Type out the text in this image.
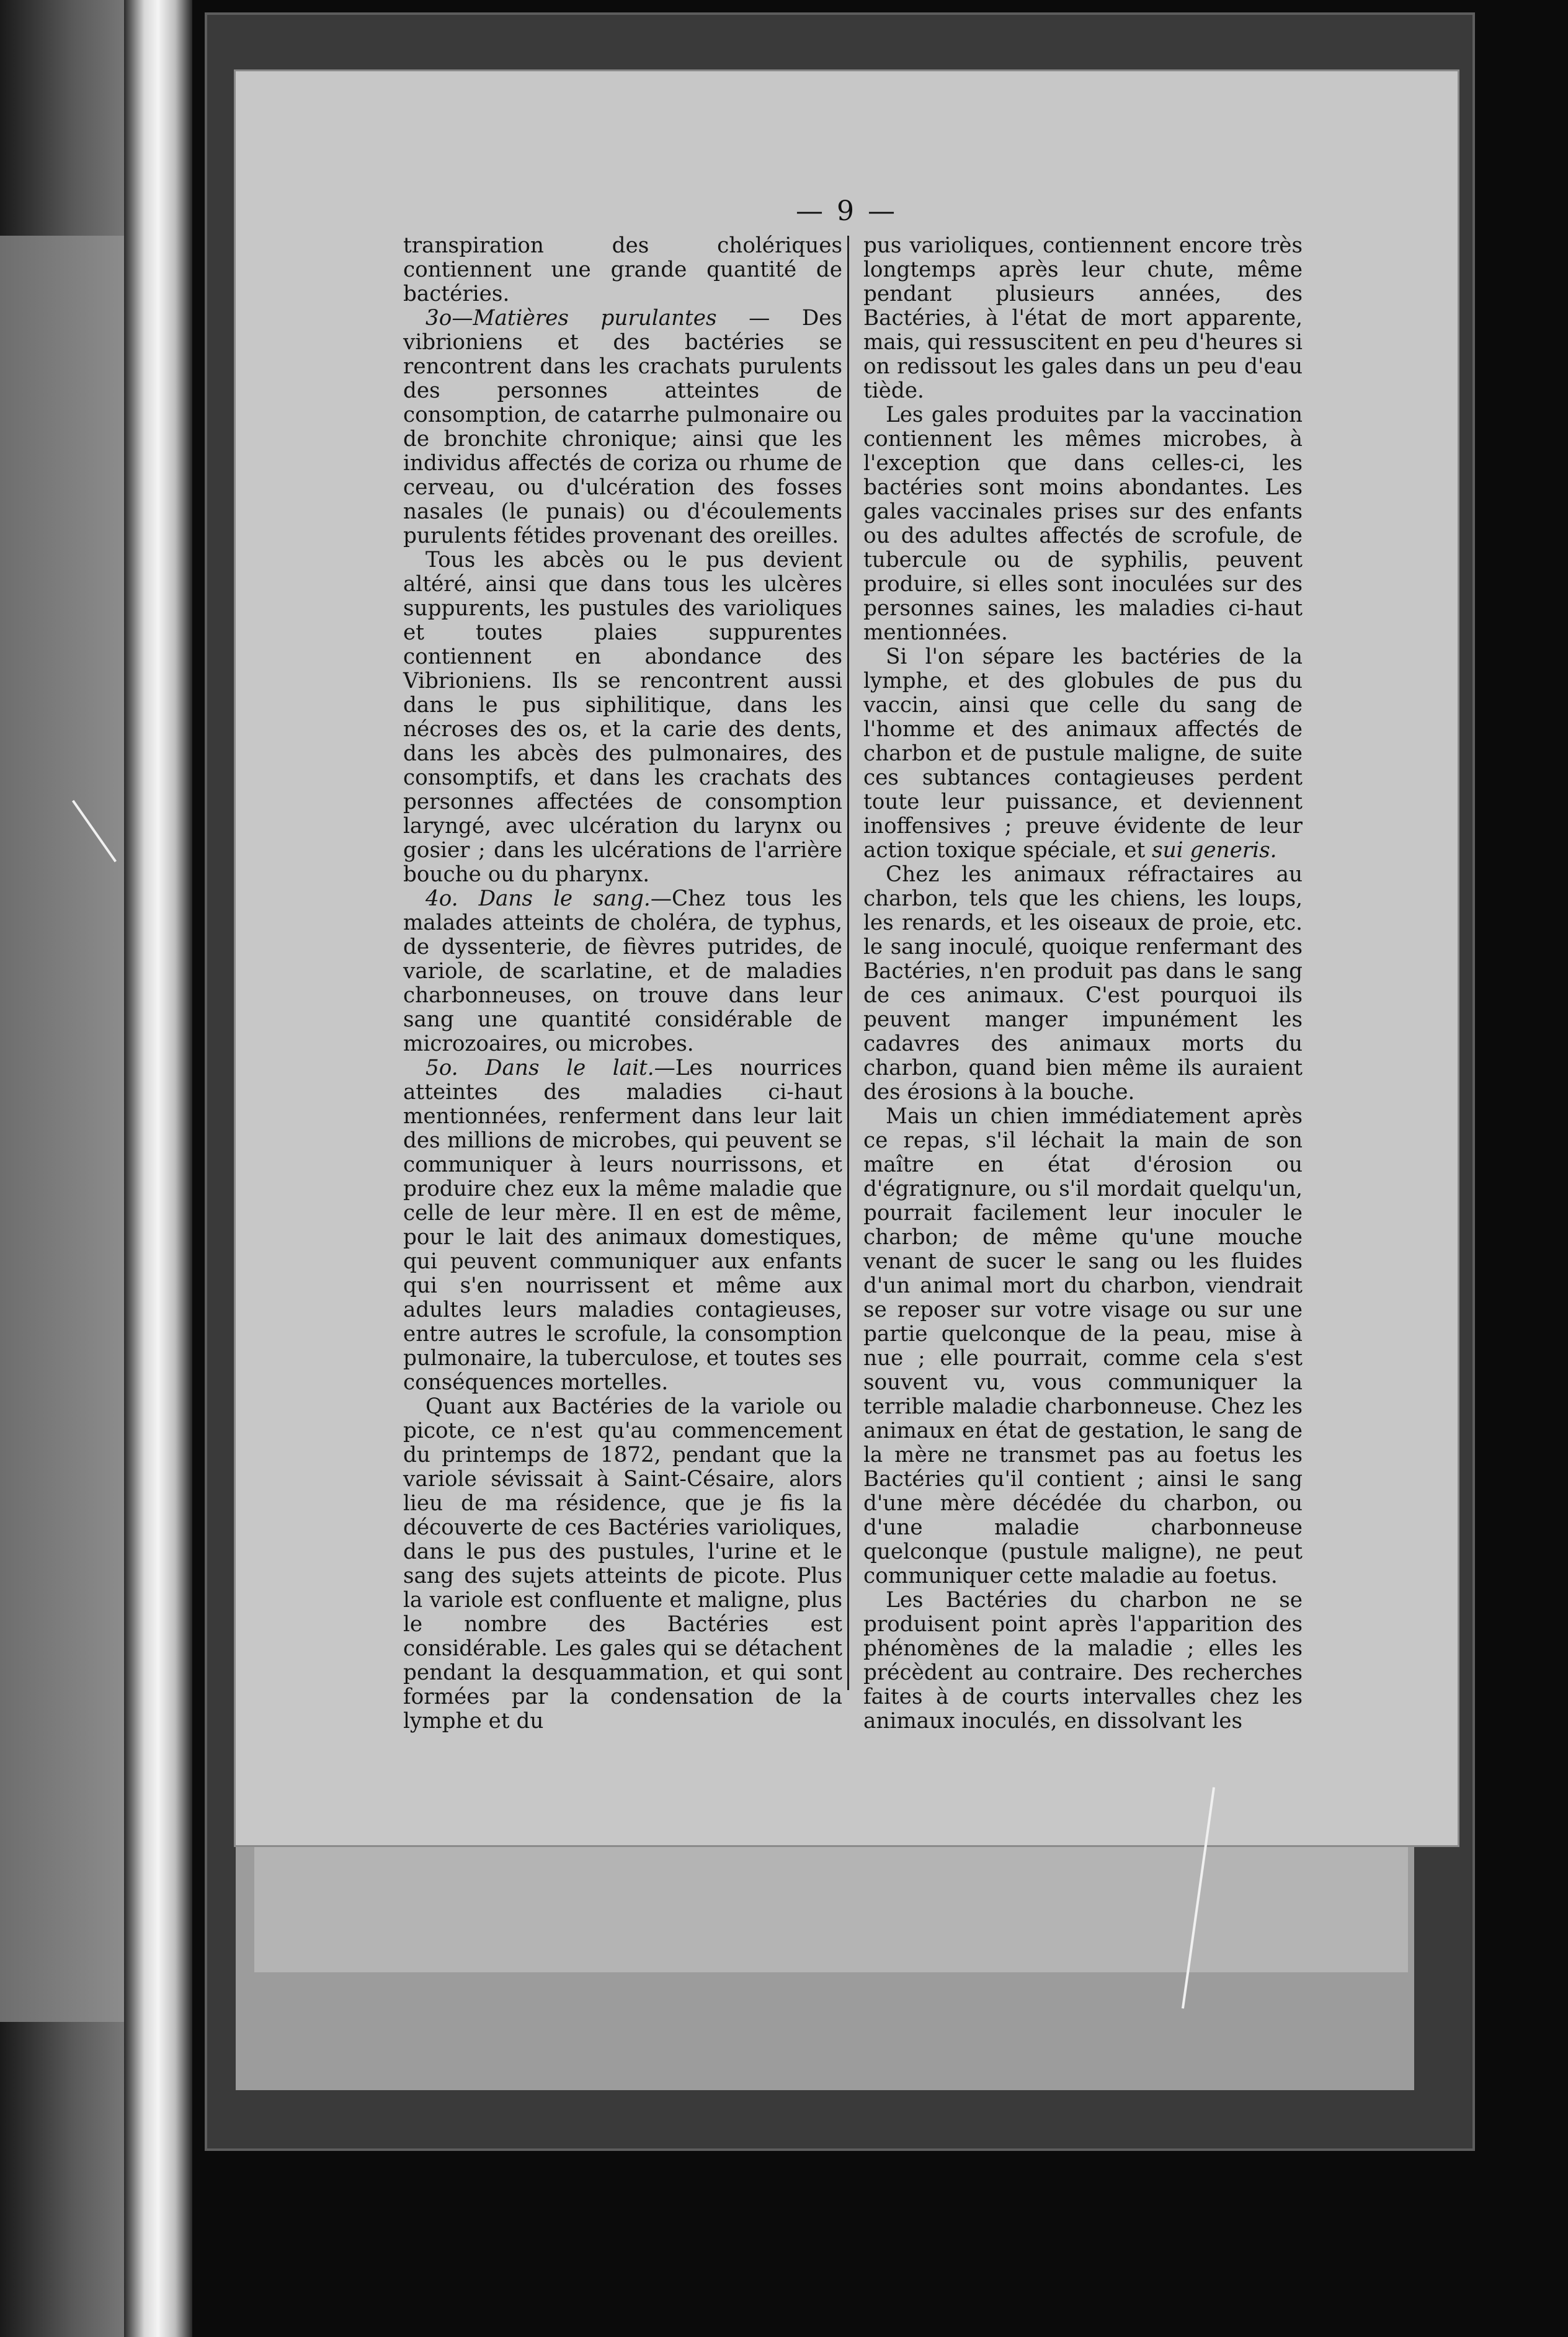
— 9 —

transpiration des cholériques contiennent une grande quantité de bactéries.

3o—Matières purulantes — Des vibrioniens et des bactéries se rencontrent dans les crachats purulents des personnes atteintes de consomption, de catarrhe pulmonaire ou de bronchite chronique; ainsi que les individus affectés de coriza ou rhume de cerveau, ou d'ulcération des fosses nasales (le punais) ou d'écoulements purulents fétides provenant des oreilles.

Tous les abcès ou le pus devient altéré, ainsi que dans tous les ulcères suppurents, les pustules des varioliques et toutes plaies suppurentes contiennent en abondance des Vibrioniens. Ils se rencontrent aussi dans le pus siphilitique, dans les nécroses des os, et la carie des dents, dans les abcès des pulmonaires, des consomptifs, et dans les crachats des personnes affectées de consomption laryngé, avec ulcération du larynx ou gosier ; dans les ulcérations de l'arrière bouche ou du pharynx.

4o. Dans le sang.—Chez tous les malades atteints de choléra, de typhus, de dyssenterie, de fièvres putrides, de variole, de scarlatine, et de maladies charbonneuses, on trouve dans leur sang une quantité considérable de microzoaires, ou microbes.

5o. Dans le lait.—Les nourrices atteintes des maladies ci-haut mentionnées, renferment dans leur lait des millions de microbes, qui peuvent se communiquer à leurs nourrissons, et produire chez eux la même maladie que celle de leur mère. Il en est de même, pour le lait des animaux domestiques, qui peuvent communiquer aux enfants qui s'en nourrissent et même aux adultes leurs maladies contagieuses, entre autres le scrofule, la consomption pulmonaire, la tuberculose, et toutes ses conséquences mortelles.

Quant aux Bactéries de la variole ou picote, ce n'est qu'au commencement du printemps de 1872, pendant que la variole sévissait à Saint-Césaire, alors lieu de ma résidence, que je fis la découverte de ces Bactéries varioliques, dans le pus des pustules, l'urine et le sang des sujets atteints de picote. Plus la variole est confluente et maligne, plus le nombre des Bactéries est considérable. Les gales qui se détachent pendant la desquammation, et qui sont formées par la condensation de la lymphe et du

pus varioliques, contiennent encore très longtemps après leur chute, même pendant plusieurs années, des Bactéries, à l'état de mort apparente, mais, qui ressuscitent en peu d'heures si on redissout les gales dans un peu d'eau tiède.

Les gales produites par la vaccination contiennent les mêmes microbes, à l'exception que dans celles-ci, les bactéries sont moins abondantes. Les gales vaccinales prises sur des enfants ou des adultes affectés de scrofule, de tubercule ou de syphilis, peuvent produire, si elles sont inoculées sur des personnes saines, les maladies ci-haut mentionnées.

Si l'on sépare les bactéries de la lymphe, et des globules de pus du vaccin, ainsi que celle du sang de l'homme et des animaux affectés de charbon et de pustule maligne, de suite ces subtances contagieuses perdent toute leur puissance, et deviennent inoffensives ; preuve évidente de leur action toxique spéciale, et sui generis.

Chez les animaux réfractaires au charbon, tels que les chiens, les loups, les renards, et les oiseaux de proie, etc. le sang inoculé, quoique renfermant des Bactéries, n'en produit pas dans le sang de ces animaux. C'est pourquoi ils peuvent manger impunément les cadavres des animaux morts du charbon, quand bien même ils auraient des érosions à la bouche.

Mais un chien immédiatement après ce repas, s'il léchait la main de son maître en état d'érosion ou d'égratignure, ou s'il mordait quelqu'un, pourrait facilement leur inoculer le charbon; de même qu'une mouche venant de sucer le sang ou les fluides d'un animal mort du charbon, viendrait se reposer sur votre visage ou sur une partie quelconque de la peau, mise à nue ; elle pourrait, comme cela s'est souvent vu, vous communiquer la terrible maladie charbonneuse. Chez les animaux en état de gestation, le sang de la mère ne transmet pas au foetus les Bactéries qu'il contient ; ainsi le sang d'une mère décédée du charbon, ou d'une maladie charbonneuse quelconque (pustule maligne), ne peut communiquer cette maladie au foetus.

Les Bactéries du charbon ne se produisent point après l'apparition des phénomènes de la maladie ; elles les précèdent au contraire. Des recherches faites à de courts intervalles chez les animaux inoculés, en dissolvant les
